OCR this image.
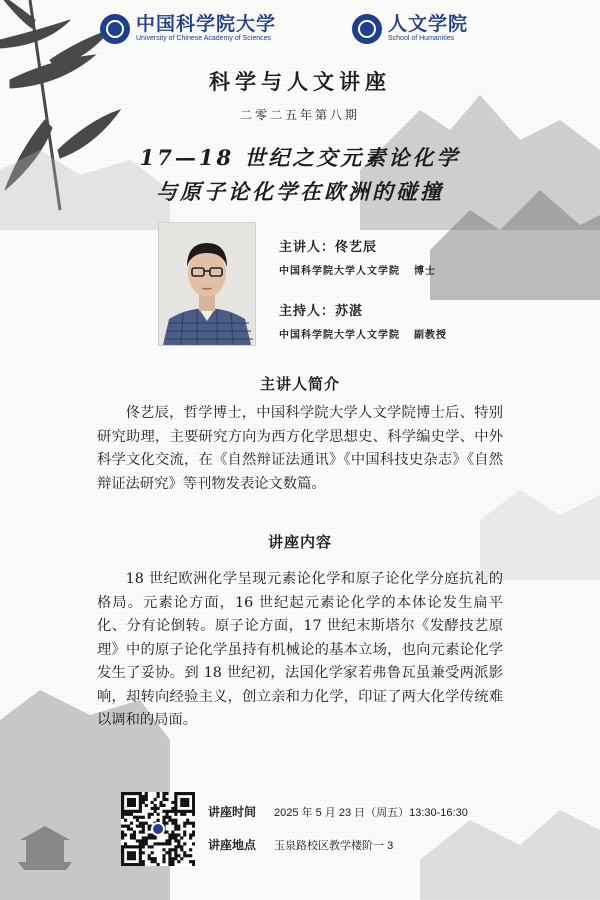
中国科学院大学
University of Chinese Academy of Sciences
人文学院
School of Humanities
科学与人文讲座
二零二五年第八期
17—18 世纪之交元素论化学
与原子论化学在欧洲的碰撞
主讲人：佟艺辰
中国科学院大学人文学院 博士
主持人：苏湛
中国科学院大学人文学院 副教授
主讲人简介
佟艺辰，哲学博士，中国科学院大学人文学院博士后、特别研究助理，主要研究方向为西方化学思想史、科学编史学、中外科学文化交流，在《自然辩证法通讯》《中国科技史杂志》《自然辩证法研究》等刊物发表论文数篇。
讲座内容
18 世纪欧洲化学呈现元素论化学和原子论化学分庭抗礼的格局。元素论方面，16 世纪起元素论化学的本体论发生扁平化、分有论倒转。原子论方面，17 世纪末斯塔尔《发酵技艺原理》中的原子论化学虽持有机械论的基本立场，也向元素论化学发生了妥协。到 18 世纪初，法国化学家若弗鲁瓦虽兼受两派影响，却转向经验主义，创立亲和力化学，印证了两大化学传统难以调和的局面。
讲座时间 2025 年 5 月 23 日（周五）13:30-16:30
讲座地点 玉泉路校区教学楼阶一 3
